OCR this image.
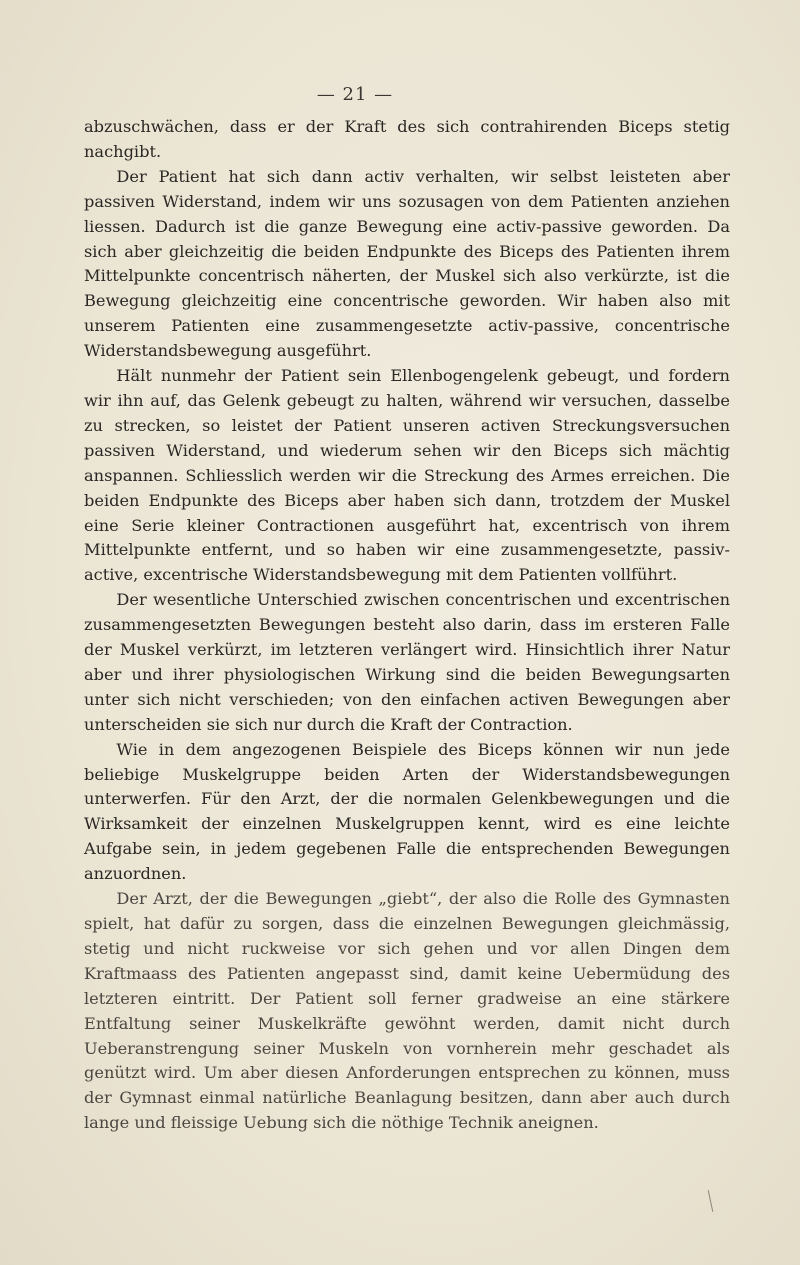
— 21 —

abzuschwächen, dass er der Kraft des sich contrahirenden Biceps stetig nachgibt.

Der Patient hat sich dann activ verhalten, wir selbst leisteten aber passiven Widerstand, indem wir uns sozusagen von dem Patienten anziehen liessen. Dadurch ist die ganze Bewegung eine activ-passive geworden. Da sich aber gleichzeitig die beiden Endpunkte des Biceps des Patienten ihrem Mittelpunkte concentrisch näherten, der Muskel sich also verkürzte, ist die Bewegung gleichzeitig eine concentrische geworden. Wir haben also mit unserem Patienten eine zusammengesetzte activ-passive, concentrische Widerstandsbewegung ausgeführt.

Hält nunmehr der Patient sein Ellenbogengelenk gebeugt, und fordern wir ihn auf, das Gelenk gebeugt zu halten, während wir versuchen, dasselbe zu strecken, so leistet der Patient unseren activen Streckungsversuchen passiven Widerstand, und wiederum sehen wir den Biceps sich mächtig anspannen. Schliesslich werden wir die Streckung des Armes erreichen. Die beiden Endpunkte des Biceps aber haben sich dann, trotzdem der Muskel eine Serie kleiner Contractionen ausgeführt hat, excentrisch von ihrem Mittelpunkte entfernt, und so haben wir eine zusammengesetzte, passiv-active, excentrische Widerstandsbewegung mit dem Patienten vollführt.

Der wesentliche Unterschied zwischen concentrischen und excentrischen zusammengesetzten Bewegungen besteht also darin, dass im ersteren Falle der Muskel verkürzt, im letzteren verlängert wird. Hinsichtlich ihrer Natur aber und ihrer physiologischen Wirkung sind die beiden Bewegungsarten unter sich nicht verschieden; von den einfachen activen Bewegungen aber unterscheiden sie sich nur durch die Kraft der Contraction.

Wie in dem angezogenen Beispiele des Biceps können wir nun jede beliebige Muskelgruppe beiden Arten der Widerstandsbewegungen unterwerfen. Für den Arzt, der die normalen Gelenkbewegungen und die Wirksamkeit der einzelnen Muskelgruppen kennt, wird es eine leichte Aufgabe sein, in jedem gegebenen Falle die entsprechenden Bewegungen anzuordnen.

Der Arzt, der die Bewegungen „giebt“, der also die Rolle des Gymnasten spielt, hat dafür zu sorgen, dass die einzelnen Bewegungen gleichmässig, stetig und nicht ruckweise vor sich gehen und vor allen Dingen dem Kraftmaass des Patienten angepasst sind, damit keine Uebermüdung des letzteren eintritt. Der Patient soll ferner gradweise an eine stärkere Entfaltung seiner Muskelkräfte gewöhnt werden, damit nicht durch Ueberanstrengung seiner Muskeln von vornherein mehr geschadet als genützt wird. Um aber diesen Anforderungen entsprechen zu können, muss der Gymnast einmal natürliche Beanlagung besitzen, dann aber auch durch lange und fleissige Uebung sich die nöthige Technik aneignen.
